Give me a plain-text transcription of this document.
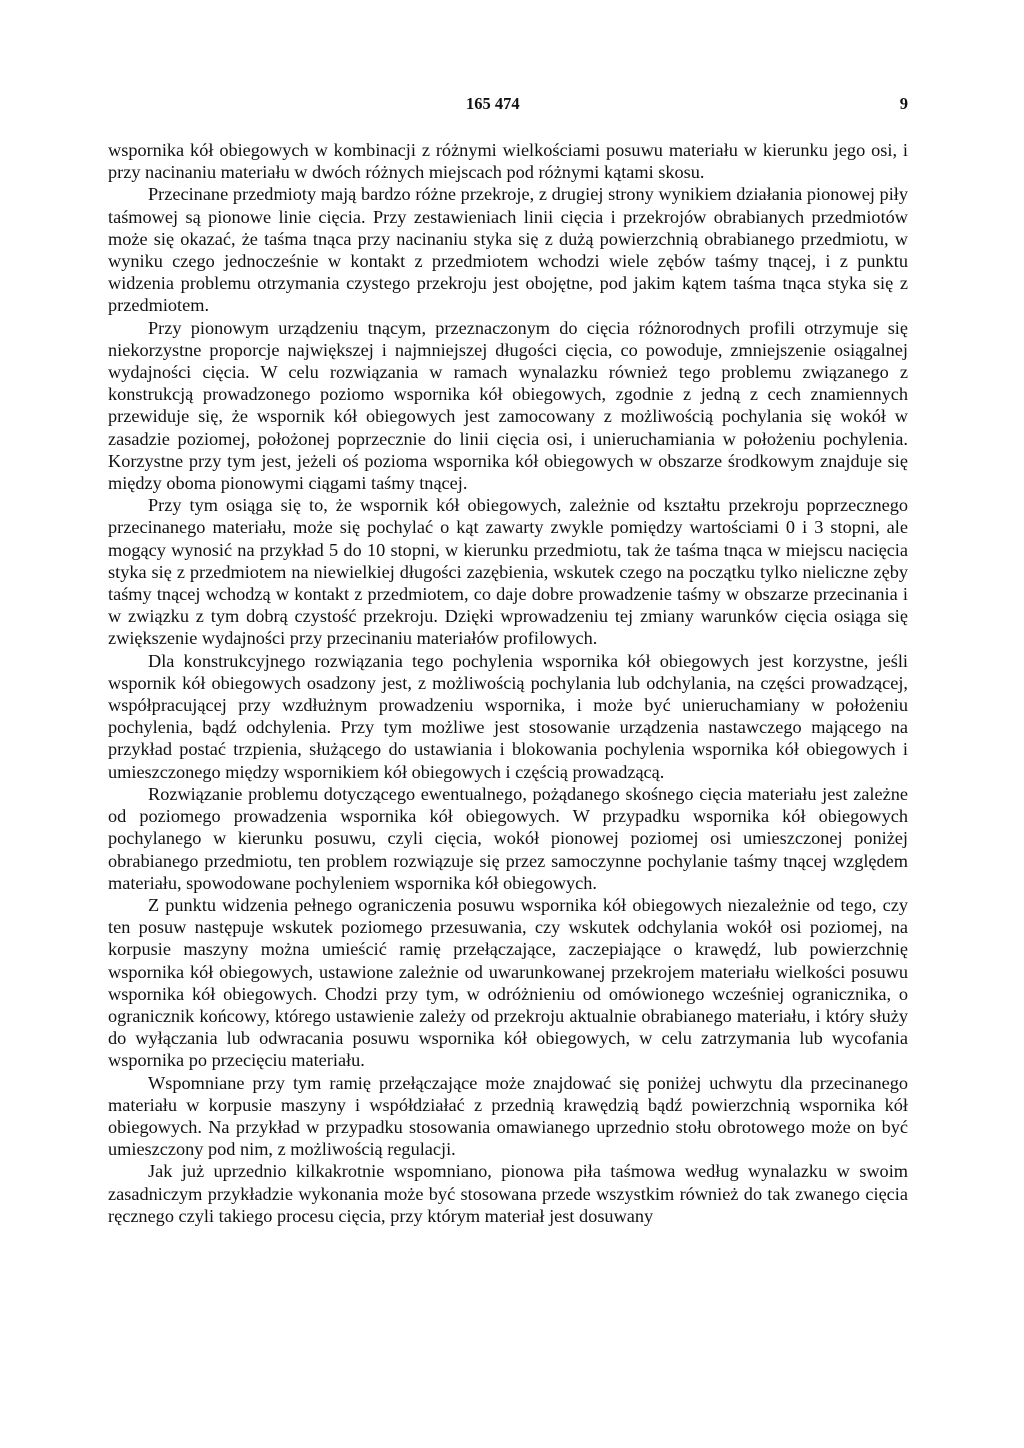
165 474	9

wspornika kół obiegowych w kombinacji z różnymi wielkościami posuwu materiału w kierunku jego osi, i przy nacinaniu materiału w dwóch różnych miejscach pod różnymi kątami skosu.

Przecinane przedmioty mają bardzo różne przekroje, z drugiej strony wynikiem działania pionowej piły taśmowej są pionowe linie cięcia. Przy zestawieniach linii cięcia i przekrojów obrabianych przedmiotów może się okazać, że taśma tnąca przy nacinaniu styka się z dużą powierzchnią obrabianego przedmiotu, w wyniku czego jednocześnie w kontakt z przedmiotem wchodzi wiele zębów taśmy tnącej, i z punktu widzenia problemu otrzymania czystego przekroju jest obojętne, pod jakim kątem taśma tnąca styka się z przedmiotem.

Przy pionowym urządzeniu tnącym, przeznaczonym do cięcia różnorodnych profili otrzymuje się niekorzystne proporcje największej i najmniejszej długości cięcia, co powoduje, zmniejszenie osiągalnej wydajności cięcia. W celu rozwiązania w ramach wynalazku również tego problemu związanego z konstrukcją prowadzonego poziomo wspornika kół obiegowych, zgodnie z jedną z cech znamiennych przewiduje się, że wspornik kół obiegowych jest zamocowany z możliwością pochylania się wokół w zasadzie poziomej, położonej poprzecznie do linii cięcia osi, i unieruchamiania w położeniu pochylenia. Korzystne przy tym jest, jeżeli oś pozioma wspornika kół obiegowych w obszarze środkowym znajduje się między oboma pionowymi ciągami taśmy tnącej.

Przy tym osiąga się to, że wspornik kół obiegowych, zależnie od kształtu przekroju poprzecznego przecinanego materiału, może się pochylać o kąt zawarty zwykle pomiędzy wartościami 0 i 3 stopni, ale mogący wynosić na przykład 5 do 10 stopni, w kierunku przedmiotu, tak że taśma tnąca w miejscu nacięcia styka się z przedmiotem na niewielkiej długości zazębienia, wskutek czego na początku tylko nieliczne zęby taśmy tnącej wchodzą w kontakt z przedmiotem, co daje dobre prowadzenie taśmy w obszarze przecinania i w związku z tym dobrą czystość przekroju. Dzięki wprowadzeniu tej zmiany warunków cięcia osiąga się zwiększenie wydajności przy przecinaniu materiałów profilowych.

Dla konstrukcyjnego rozwiązania tego pochylenia wspornika kół obiegowych jest korzystne, jeśli wspornik kół obiegowych osadzony jest, z możliwością pochylania lub odchylania, na części prowadzącej, współpracującej przy wzdłużnym prowadzeniu wspornika, i może być unieruchamiany w położeniu pochylenia, bądź odchylenia. Przy tym możliwe jest stosowanie urządzenia nastawczego mającego na przykład postać trzpienia, służącego do ustawiania i blokowania pochylenia wspornika kół obiegowych i umieszczonego między wspornikiem kół obiegowych i częścią prowadzącą.

Rozwiązanie problemu dotyczącego ewentualnego, pożądanego skośnego cięcia materiału jest zależne od poziomego prowadzenia wspornika kół obiegowych. W przypadku wspornika kół obiegowych pochylanego w kierunku posuwu, czyli cięcia, wokół pionowej poziomej osi umieszczonej poniżej obrabianego przedmiotu, ten problem rozwiązuje się przez samoczynne pochylanie taśmy tnącej względem materiału, spowodowane pochyleniem wspornika kół obiegowych.

Z punktu widzenia pełnego ograniczenia posuwu wspornika kół obiegowych niezależnie od tego, czy ten posuw następuje wskutek poziomego przesuwania, czy wskutek odchylania wokół osi poziomej, na korpusie maszyny można umieścić ramię przełączające, zaczepiające o krawędź, lub powierzchnię wspornika kół obiegowych, ustawione zależnie od uwarunkowanej przekrojem materiału wielkości posuwu wspornika kół obiegowych. Chodzi przy tym, w odróżnieniu od omówionego wcześniej ogranicznika, o ogranicznik końcowy, którego ustawienie zależy od przekroju aktualnie obrabianego materiału, i który służy do wyłączania lub odwracania posuwu wspornika kół obiegowych, w celu zatrzymania lub wycofania wspornika po przecięciu materiału.

Wspomniane przy tym ramię przełączające może znajdować się poniżej uchwytu dla przecinanego materiału w korpusie maszyny i współdziałać z przednią krawędzią bądź powierzchnią wspornika kół obiegowych. Na przykład w przypadku stosowania omawianego uprzednio stołu obrotowego może on być umieszczony pod nim, z możliwością regulacji.

Jak już uprzednio kilkakrotnie wspomniano, pionowa piła taśmowa według wynalazku w swoim zasadniczym przykładzie wykonania może być stosowana przede wszystkim również do tak zwanego cięcia ręcznego czyli takiego procesu cięcia, przy którym materiał jest dosuwany
